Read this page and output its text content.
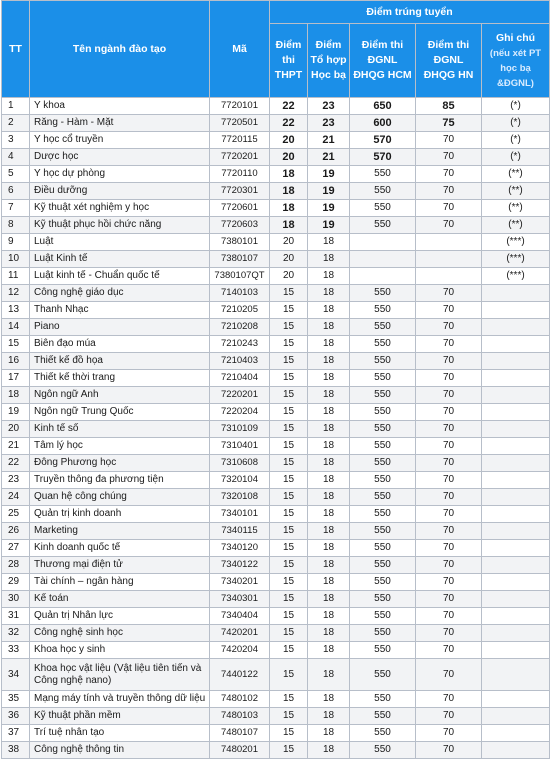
TT	Tên ngành đào tạo	Mã	Điểm trúng tuyển				
			Điểm thi THPT	Điểm Tổ hợp Học bạ	Điểm thi ĐGNL ĐHQG HCM	Điểm thi ĐGNL ĐHQG HN	Ghi chú
(nếu xét PT học bạ &ĐGNL)

1	Y khoa	7720101	22	23	650	85	(*)
2	Răng - Hàm - Mặt	7720501	22	23	600	75	(*)
3	Y học cổ truyền	7720115	20	21	570	70	(*)
4	Dược học	7720201	20	21	570	70	(*)
5	Y học dự phòng	7720110	18	19	550	70	(**)
6	Điều dưỡng	7720301	18	19	550	70	(**)
7	Kỹ thuật xét nghiệm y học	7720601	18	19	550	70	(**)
8	Kỹ thuật phục hồi chức năng	7720603	18	19	550	70	(**)
9	Luật	7380101	20	18			(***)
10	Luật Kinh tế	7380107	20	18			(***)
11	Luật kinh tế - Chuẩn quốc tế	7380107QT	20	18			(***)
12	Công nghệ giáo dục	7140103	15	18	550	70	
13	Thanh Nhạc	7210205	15	18	550	70	
14	Piano	7210208	15	18	550	70	
15	Biên đạo múa	7210243	15	18	550	70	
16	Thiết kế đồ họa	7210403	15	18	550	70	
17	Thiết kế thời trang	7210404	15	18	550	70	
18	Ngôn ngữ Anh	7220201	15	18	550	70	
19	Ngôn ngữ Trung Quốc	7220204	15	18	550	70	
20	Kinh tế số	7310109	15	18	550	70	
21	Tâm lý học	7310401	15	18	550	70	
22	Đông Phương học	7310608	15	18	550	70	
23	Truyền thông đa phương tiện	7320104	15	18	550	70	
24	Quan hệ công chúng	7320108	15	18	550	70	
25	Quản trị kinh doanh	7340101	15	18	550	70	
26	Marketing	7340115	15	18	550	70	
27	Kinh doanh quốc tế	7340120	15	18	550	70	
28	Thương mại điện tử	7340122	15	18	550	70	
29	Tài chính – ngân hàng	7340201	15	18	550	70	
30	Kế toán	7340301	15	18	550	70	
31	Quản trị Nhân lực	7340404	15	18	550	70	
32	Công nghệ sinh học	7420201	15	18	550	70	
33	Khoa học y sinh	7420204	15	18	550	70	
34	Khoa học vật liệu (Vật liệu tiên tiến và Công nghệ nano)	7440122	15	18	550	70	
35	Mạng máy tính và truyền thông dữ liệu	7480102	15	18	550	70	
36	Kỹ thuật phần mềm	7480103	15	18	550	70	
37	Trí tuệ nhân tạo	7480107	15	18	550	70	
38	Công nghệ thông tin	7480201	15	18	550	70	
